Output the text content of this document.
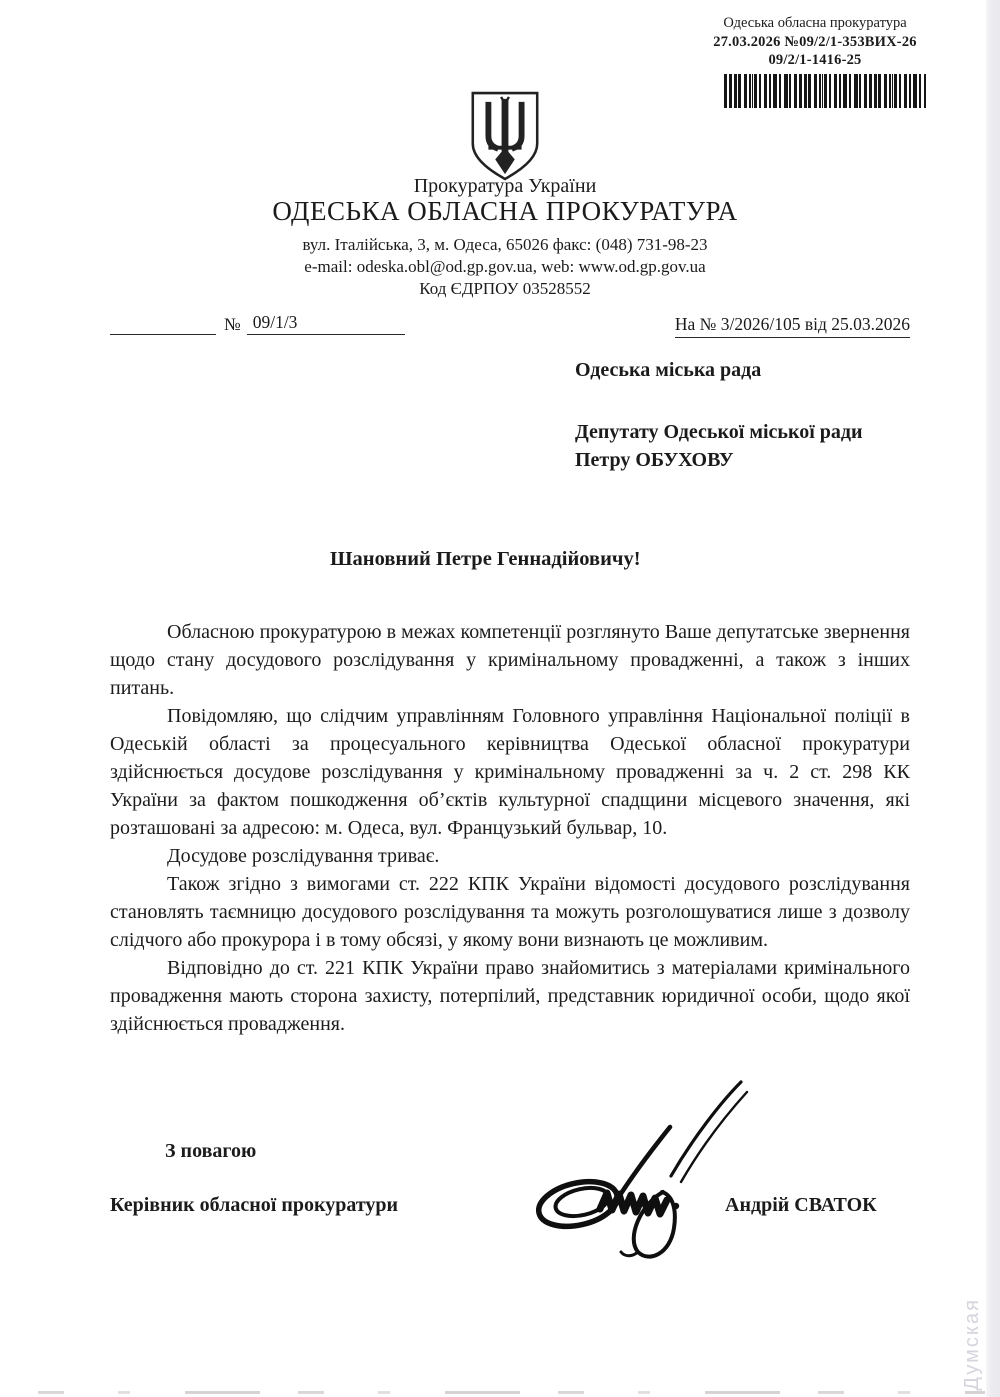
Одеська обласна прокуратура
27.03.2026 №09/2/1-353ВИХ-26
09/2/1-1416-25
Прокуратура України
ОДЕСЬКА ОБЛАСНА ПРОКУРАТУРА
вул. Італійська, 3, м. Одеса, 65026 факс: (048) 731-98-23
e-mail: odeska.obl@od.gp.gov.ua, web: www.od.gp.gov.ua
Код ЄДРПОУ 03528552
№ 09/1/3	На № 3/2026/105 від 25.03.2026
Одеська міська рада
Депутату Одеської міської ради
Петру ОБУХОВУ
Шановний Петре Геннадійовичу!

Обласною прокуратурою в межах компетенції розглянуто Ваше депутатське звернення щодо стану досудового розслідування у кримінальному провадженні, а також з інших питань.

Повідомляю, що слідчим управлінням Головного управління Національної поліції в Одеській області за процесуального керівництва Одеської обласної прокуратури здійснюється досудове розслідування у кримінальному провадженні за ч. 2 ст. 298 КК України за фактом пошкодження об’єктів культурної спадщини місцевого значення, які розташовані за адресою: м. Одеса, вул. Французький бульвар, 10.

Досудове розслідування триває.

Також згідно з вимогами ст. 222 КПК України відомості досудового розслідування становлять таємницю досудового розслідування та можуть розголошуватися лише з дозволу слідчого або прокурора і в тому обсязі, у якому вони визнають це можливим.

Відповідно до ст. 221 КПК України право знайомитись з матеріалами кримінального провадження мають сторона захисту, потерпілий, представник юридичної особи, щодо якої здійснюється провадження.

З повагою
Керівник обласної прокуратури	Андрій СВАТОК
Думская
